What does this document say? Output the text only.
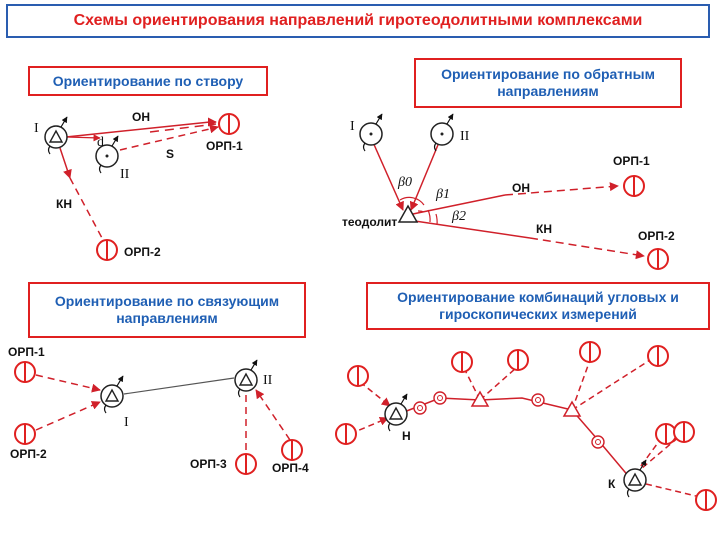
Схемы ориентирования направлений гиротеодолитными комплексами
Ориентирование по створу	Ориентирование по обратным направлениям
Ориентирование по связующим направлениям
Ориентирование комбинаций угловых и гироскопических измерений
I
II
ОН
S
КН
ОРП-1
ОРП-2
d
I
II
теодолит
ОН
КН
ОРП-1
ОРП-2
β0
β1
β2
I
II
ОРП-1
ОРП-2
ОРП-3	ОРП-4
Н
К
